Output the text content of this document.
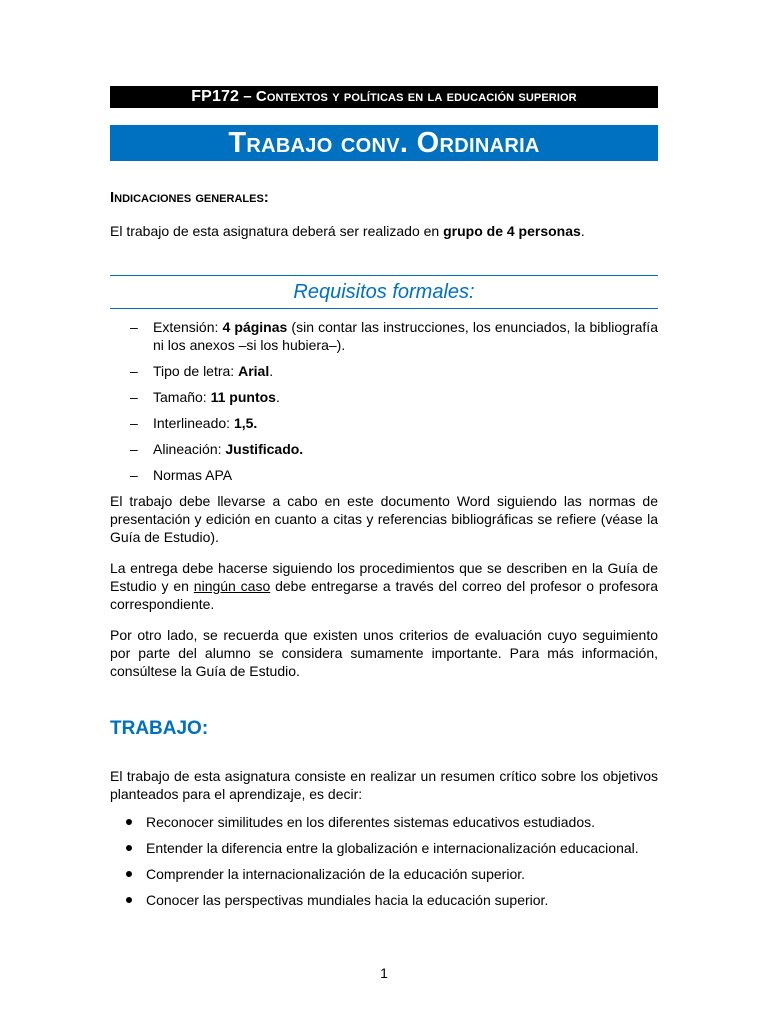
FP172 – Contextos y políticas en la educación superior
Trabajo conv. Ordinaria
Indicaciones generales:

El trabajo de esta asignatura deberá ser realizado en grupo de 4 personas.

Requisitos formales:
– Extensión: 4 páginas (sin contar las instrucciones, los enunciados, la bibliografía ni los anexos –si los hubiera–).
– Tipo de letra: Arial.
– Tamaño: 11 puntos.
– Interlineado: 1,5.
– Alineación: Justificado.
– Normas APA

El trabajo debe llevarse a cabo en este documento Word siguiendo las normas de presentación y edición en cuanto a citas y referencias bibliográficas se refiere (véase la Guía de Estudio).

La entrega debe hacerse siguiendo los procedimientos que se describen en la Guía de Estudio y en ningún caso debe entregarse a través del correo del profesor o profesora correspondiente.

Por otro lado, se recuerda que existen unos criterios de evaluación cuyo seguimiento por parte del alumno se considera sumamente importante. Para más información, consúltese la Guía de Estudio.

TRABAJO:

El trabajo de esta asignatura consiste en realizar un resumen crítico sobre los objetivos planteados para el aprendizaje, es decir:

Reconocer similitudes en los diferentes sistemas educativos estudiados.
Entender la diferencia entre la globalización e internacionalización educacional.
Comprender la internacionalización de la educación superior.
Conocer las perspectivas mundiales hacia la educación superior.
1
